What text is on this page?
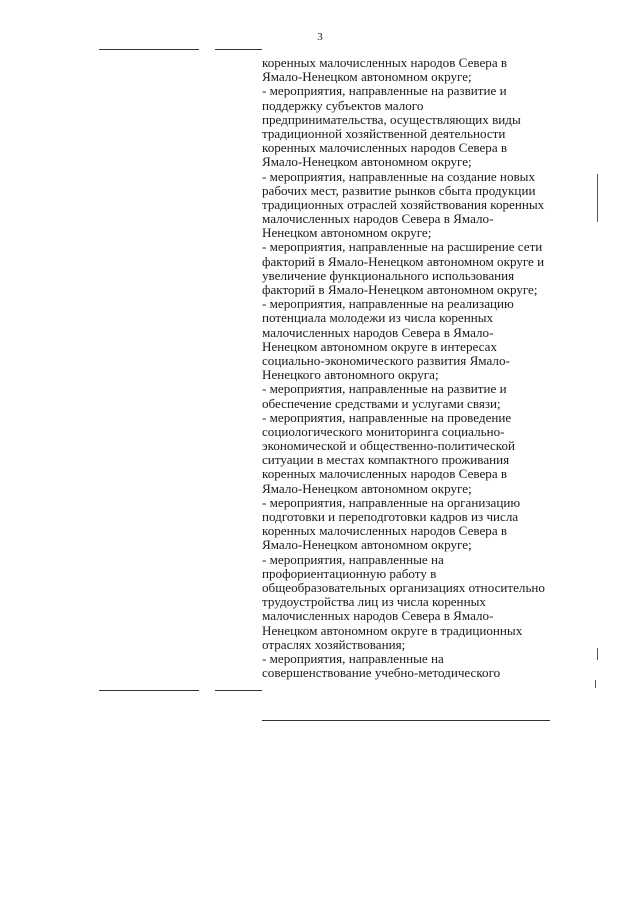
3
коренных малочисленных народов Севера в
Ямало-Ненецком автономном округе;
- мероприятия, направленные на развитие и
поддержку субъектов малого
предпринимательства, осуществляющих виды
традиционной хозяйственной деятельности
коренных малочисленных народов Севера в
Ямало-Ненецком автономном округе;
- мероприятия, направленные на создание новых
рабочих мест, развитие рынков сбыта продукции
традиционных отраслей хозяйствования коренных
малочисленных народов Севера в Ямало-
Ненецком автономном округе;
- мероприятия, направленные на расширение сети
факторий в Ямало-Ненецком автономном округе и
увеличение функционального использования
факторий в Ямало-Ненецком автономном округе;
- мероприятия, направленные на реализацию
потенциала молодежи из числа коренных
малочисленных народов Севера в Ямало-
Ненецком автономном округе в интересах
социально-экономического развития Ямало-
Ненецкого автономного округа;
- мероприятия, направленные на развитие и
обеспечение средствами и услугами связи;
- мероприятия, направленные на проведение
социологического мониторинга социально-
экономической и общественно-политической
ситуации в местах компактного проживания
коренных малочисленных народов Севера в
Ямало-Ненецком автономном округе;
- мероприятия, направленные на организацию
подготовки и переподготовки кадров из числа
коренных малочисленных народов Севера в
Ямало-Ненецком автономном округе;
- мероприятия, направленные на
профориентационную работу в
общеобразовательных организациях относительно
трудоустройства лиц из числа коренных
малочисленных народов Севера в Ямало-
Ненецком автономном округе в традиционных
отраслях хозяйствования;
- мероприятия, направленные на
совершенствование учебно-методического
